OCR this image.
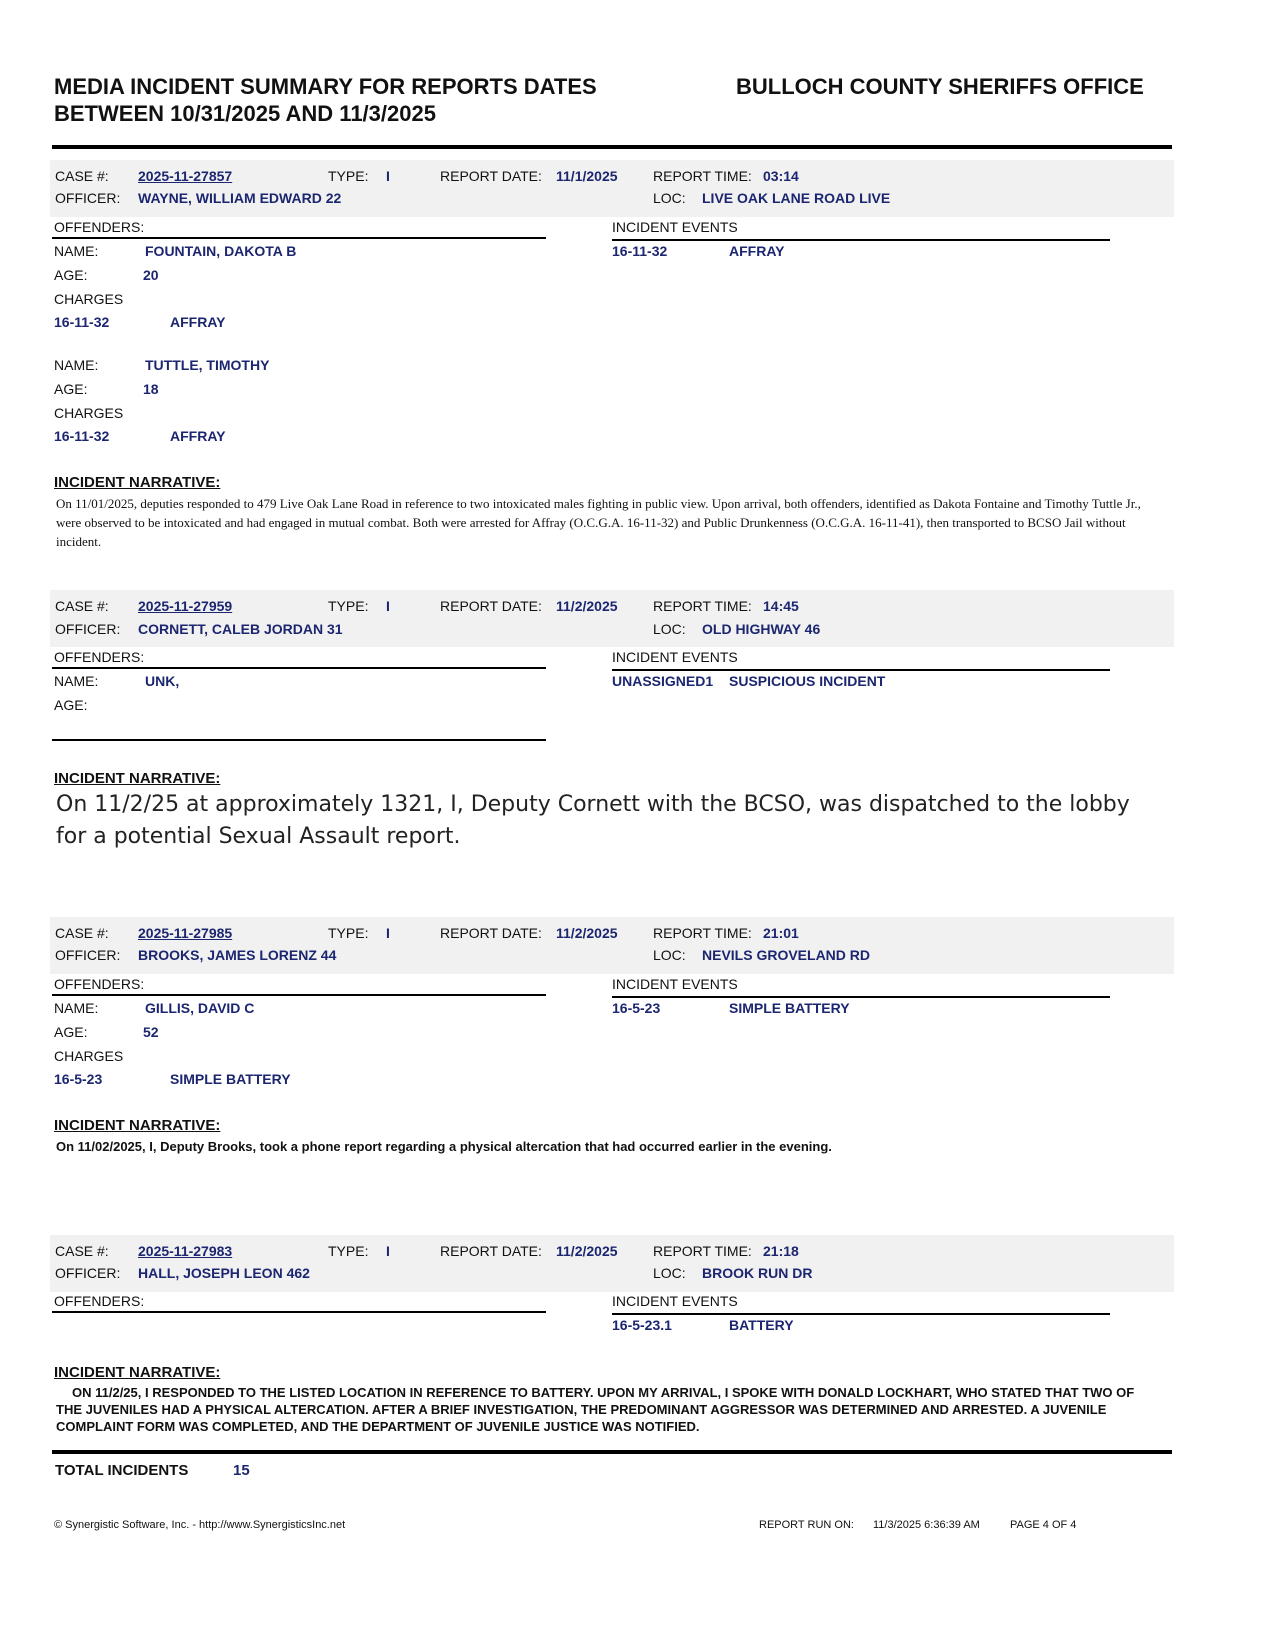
MEDIA INCIDENT SUMMARY FOR REPORTS DATES
BETWEEN 10/31/2025 AND 11/3/2025
BULLOCH COUNTY SHERIFFS OFFICE
CASE #: 2025-11-27857	TYPE: I	REPORT DATE: 11/1/2025	REPORT TIME: 03:14
OFFICER: WAYNE, WILLIAM EDWARD 22	LOC: LIVE OAK LANE ROAD LIVE
OFFENDERS:	INCIDENT EVENTS
16-11-32	AFFRAY
NAME:	FOUNTAIN, DAKOTA B
AGE:	20
CHARGES
16-11-32	AFFRAY
NAME:	TUTTLE, TIMOTHY
AGE:	18
CHARGES
16-11-32	AFFRAY
INCIDENT NARRATIVE:
On 11/01/2025, deputies responded to 479 Live Oak Lane Road in reference to two intoxicated males fighting in public view. Upon arrival, both offenders, identified as Dakota Fontaine and Timothy Tuttle Jr., were observed to be intoxicated and had engaged in mutual combat. Both were arrested for Affray (O.C.G.A. 16-11-32) and Public Drunkenness (O.C.G.A. 16-11-41), then transported to BCSO Jail without incident.
CASE #: 2025-11-27959	TYPE: I	REPORT DATE: 11/2/2025	REPORT TIME: 14:45
OFFICER: CORNETT, CALEB JORDAN 31	LOC: OLD HIGHWAY 46
OFFENDERS:	INCIDENT EVENTS
UNASSIGNED1 SUSPICIOUS INCIDENT
NAME:	UNK,
AGE:
INCIDENT NARRATIVE:
On 11/2/25 at approximately 1321, I, Deputy Cornett with the BCSO, was dispatched to the lobby for a potential Sexual Assault report.
CASE #: 2025-11-27985	TYPE: I	REPORT DATE: 11/2/2025	REPORT TIME: 21:01
OFFICER: BROOKS, JAMES LORENZ 44	LOC: NEVILS GROVELAND RD
OFFENDERS:	INCIDENT EVENTS
16-5-23	SIMPLE BATTERY
NAME:	GILLIS, DAVID C
AGE:	52
CHARGES
16-5-23	SIMPLE BATTERY
INCIDENT NARRATIVE:
On 11/02/2025, I, Deputy Brooks, took a phone report regarding a physical altercation that had occurred earlier in the evening.
CASE #: 2025-11-27983	TYPE: I	REPORT DATE: 11/2/2025	REPORT TIME: 21:18
OFFICER: HALL, JOSEPH LEON 462	LOC: BROOK RUN DR
OFFENDERS:	INCIDENT EVENTS
16-5-23.1	BATTERY
INCIDENT NARRATIVE:
ON 11/2/25, I RESPONDED TO THE LISTED LOCATION IN REFERENCE TO BATTERY. UPON MY ARRIVAL, I SPOKE WITH DONALD LOCKHART, WHO STATED THAT TWO OF THE JUVENILES HAD A PHYSICAL ALTERCATION. AFTER A BRIEF INVESTIGATION, THE PREDOMINANT AGGRESSOR WAS DETERMINED AND ARRESTED. A JUVENILE COMPLAINT FORM WAS COMPLETED, AND THE DEPARTMENT OF JUVENILE JUSTICE WAS NOTIFIED.
TOTAL INCIDENTS	15
© Synergistic Software, Inc. - http://www.SynergisticsInc.net	REPORT RUN ON: 11/3/2025 6:36:39 AM	PAGE 4 OF 4
